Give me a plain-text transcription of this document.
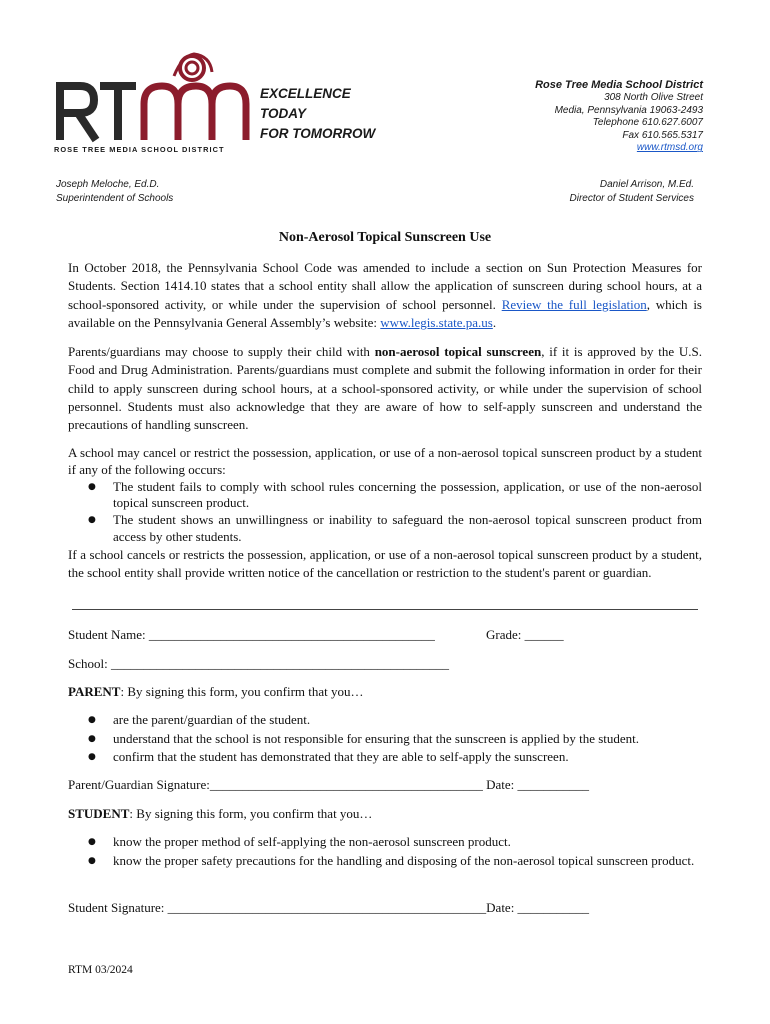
ROSE TREE MEDIA SCHOOL DISTRICT
EXCELLENCE
TODAY
FOR TOMORROW
Rose Tree Media School District
308 North Olive Street
Media, Pennsylvania 19063-2493
Telephone 610.627.6007
Fax 610.565.5317
www.rtmsd.org
Joseph Meloche, Ed.D.
Superintendent of Schools
Daniel Arrison, M.Ed.
Director of Student Services
Non-Aerosol Topical Sunscreen Use
In October 2018, the Pennsylvania School Code was amended to include a section on Sun Protection Measures for Students. Section 1414.10 states that a school entity shall allow the application of sunscreen during school hours, at a school-sponsored activity, or while under the supervision of school personnel. Review the full legislation, which is available on the Pennsylvania General Assembly’s website: www.legis.state.pa.us.
Parents/guardians may choose to supply their child with non-aerosol topical sunscreen, if it is approved by the U.S. Food and Drug Administration. Parents/guardians must complete and submit the following information in order for their child to apply sunscreen during school hours, at a school-sponsored activity, or while under the supervision of school personnel. Students must also acknowledge that they are aware of how to self-apply sunscreen and understand the precautions of handling sunscreen.
A school may cancel or restrict the possession, application, or use of a non-aerosol topical sunscreen product by a student if any of the following occurs:
● The student fails to comply with school rules concerning the possession, application, or use of the non-aerosol topical sunscreen product.
● The student shows an unwillingness or inability to safeguard the non-aerosol topical sunscreen product from access by other students.
If a school cancels or restricts the possession, application, or use of a non-aerosol topical sunscreen product by a student, the school entity shall provide written notice of the cancellation or restriction to the student's parent or guardian.
Student Name: ____________________________________________	Grade: ______
School: ____________________________________________________
PARENT: By signing this form, you confirm that you…
● are the parent/guardian of the student.
● understand that the school is not responsible for ensuring that the sunscreen is applied by the student.
● confirm that the student has demonstrated that they are able to self-apply the sunscreen.
Parent/Guardian Signature:__________________________________________ Date: ___________
STUDENT: By signing this form, you confirm that you…
● know the proper method of self-applying the non-aerosol sunscreen product.
● know the proper safety precautions for the handling and disposing of the non-aerosol topical sunscreen product.
Student Signature: _________________________________________________Date: ___________
RTM 03/2024
